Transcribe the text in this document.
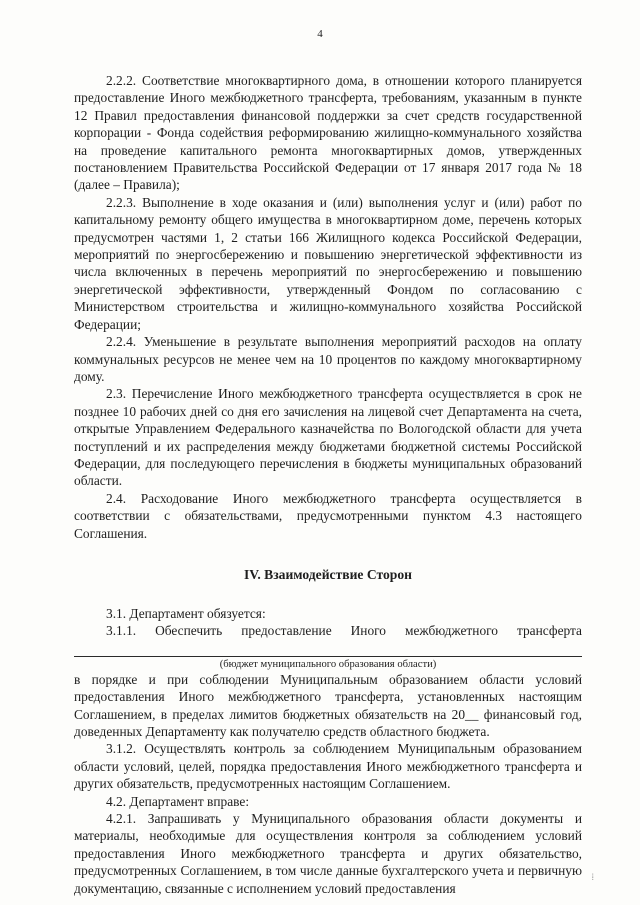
4

2.2.2. Соответствие многоквартирного дома, в отношении которого планируется предоставление Иного межбюджетного трансферта, требованиям, указанным в пункте 12 Правил предоставления финансовой поддержки за счет средств государственной корпорации - Фонда содействия реформированию жилищно-коммунального хозяйства на проведение капитального ремонта многоквартирных домов, утвержденных постановлением Правительства Российской Федерации от 17 января 2017 года № 18 (далее – Правила);

2.2.3. Выполнение в ходе оказания и (или) выполнения услуг и (или) работ по капитальному ремонту общего имущества в многоквартирном доме, перечень которых предусмотрен частями 1, 2 статьи 166 Жилищного кодекса Российской Федерации, мероприятий по энергосбережению и повышению энергетической эффективности из числа включенных в перечень мероприятий по энергосбережению и повышению энергетической эффективности, утвержденный Фондом по согласованию с Министерством строительства и жилищно-коммунального хозяйства Российской Федерации;

2.2.4. Уменьшение в результате выполнения мероприятий расходов на оплату коммунальных ресурсов не менее чем на 10 процентов по каждому многоквартирному дому.

2.3. Перечисление Иного межбюджетного трансферта осуществляется в срок не позднее 10 рабочих дней со дня его зачисления на лицевой счет Департамента на счета, открытые Управлением Федерального казначейства по Вологодской области для учета поступлений и их распределения между бюджетами бюджетной системы Российской Федерации, для последующего перечисления в бюджеты муниципальных образований области.

2.4. Расходование Иного межбюджетного трансферта осуществляется в соответствии с обязательствами, предусмотренными пунктом 4.3 настоящего Соглашения.

IV. Взаимодействие Сторон

3.1. Департамент обязуется:

3.1.1. Обеспечить предоставление Иного межбюджетного трансферта

(бюджет муниципального образования области)

в порядке и при соблюдении Муниципальным образованием области условий предоставления Иного межбюджетного трансферта, установленных настоящим Соглашением, в пределах лимитов бюджетных обязательств на 20__ финансовый год, доведенных Департаменту как получателю средств областного бюджета.

3.1.2. Осуществлять контроль за соблюдением Муниципальным образованием области условий, целей, порядка предоставления Иного межбюджетного трансферта и других обязательств, предусмотренных настоящим Соглашением.

4.2. Департамент вправе:

4.2.1. Запрашивать у Муниципального образования области документы и материалы, необходимые для осуществления контроля за соблюдением условий предоставления Иного межбюджетного трансферта и других обязательство, предусмотренных Соглашением, в том числе данные бухгалтерского учета и первичную документацию, связанные с исполнением условий предоставления

⁞
